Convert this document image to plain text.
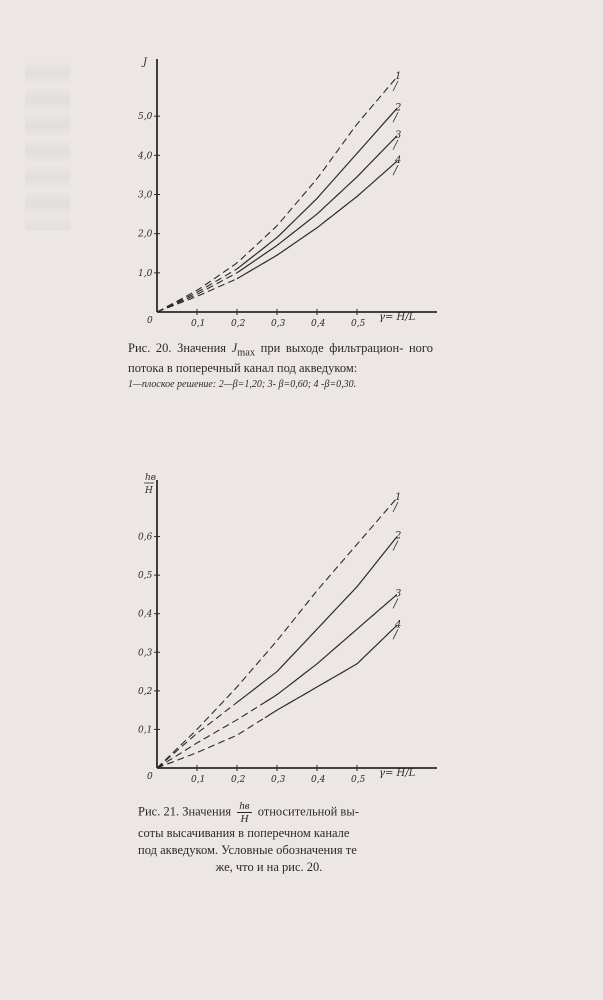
0	0,1	0,2	0,3	0,4	0,5
1,0
2,0
3,0
4,0
5,0
γ= H/L
J
1
2
3
4
Рис. 20. Значения $J_{max}$ при выходе фильтрацион- ного потока в поперечный канал под акведуком:
1—плоское решение: 2—β=1,20; 3- β=0,60; 4 -β=0,30.
0	0,1	0,2	0,3	0,4	0,5
0,1
0,2
0,3
0,4
0,5
0,6
γ= H/L
hв
H
1
2
3
4
Рис. 21. Значения $\frac{hв}{H}$ относительной вы-
соты высачивания в поперечном канале
под акведуком. Условные обозначения те

же, что и на рис. 20.
